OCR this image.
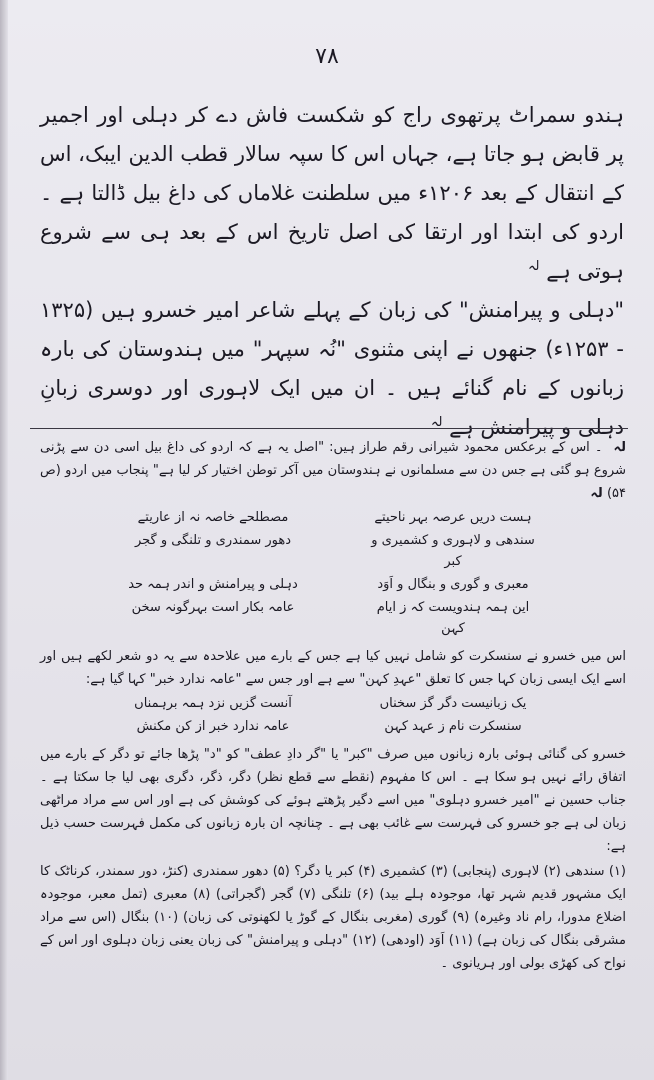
۷۸

ہندو سمراٹ پرتھوی راج کو شکست فاش دے کر دہلی اور اجمیر پر قابض ہو جاتا ہے، جہاں اس کا سپہ سالار قطب الدین ایبک، اس کے انتقال کے بعد ۱۲۰۶ء میں سلطنت غلاماں کی داغ بیل ڈالتا ہے ۔ اردو کی ابتدا اور ارتقا کی اصل تاریخ اس کے بعد ہی سے شروع ہوتی ہے $^{لہ}$

"دہلی و پیرامنش" کی زبان کے پہلے شاعر امیر خسرو ہیں (۱۳۲۵ - ۱۲۵۳ء) جنھوں نے اپنی مثنوی "نُہ سپہر" میں ہندوستان کی بارہ زبانوں کے نام گنائے ہیں ۔ ان میں ایک لاہوری اور دوسری زبانِ دہلی و پیرامنش ہے $^{لہ}$

لہ ۔ اس کے برعکس محمود شیرانی رقم طراز ہیں: "اصل یہ ہے کہ اردو کی داغ بیل اسی دن سے پڑنی شروع ہو گئی ہے جس دن سے مسلمانوں نے ہندوستان میں آکر توطن اختیار کر لیا ہے" پنجاب میں اردو (ص ۵۴) لہ

ہست دریں عرصہ بہر ناحیتے
مصطلحے خاصہ نہ از عاریتے

سندھی و لاہوری و کشمیری و کبر
دھور سمندری و تلنگی و گجر

معبری و گوری و بنگال و اَوَد
دہلی و پیرامنش و اندر ہمہ حد

این ہمہ ہندویست کہ ز ایام کہن
عامہ بکار است بہرگونہ سخن

اس میں خسرو نے سنسکرت کو شامل نہیں کیا ہے جس کے بارے میں علاحدہ سے یہ دو شعر لکھے ہیں اور اسے ایک ایسی زبان کہا جس کا تعلق "عہدِ کہن" سے ہے اور جس سے "عامہ ندارد خبر" کہا گیا ہے:

یک زبانیست دگر گز سخناں
آنست گزیں نزد ہمہ برہمناں

سنسکرت نام ز عہد کہن
عامہ ندارد خبر از کن مکنش

خسرو کی گنائی ہوئی بارہ زبانوں میں صرف "کبر" یا "گر دادِ عطف" کو "د" پڑھا جائے تو دگر کے بارے میں اتفاق رائے نہیں ہو سکا ہے ۔ اس کا مفہوم (نقطے سے قطع نظر) دگر، ذگر، دگری بھی لیا جا سکتا ہے ۔ جناب حسین نے "امیر خسرو دہلوی" میں اسے دگیر پڑھتے ہوئے کی کوشش کی ہے اور اس سے مراد مراٹھی زبان لی ہے جو خسرو کی فہرست سے غائب بھی ہے ۔ چنانچہ ان بارہ زبانوں کی مکمل فہرست حسب ذیل ہے:

(۱) سندھی (۲) لاہوری (پنجابی) (۳) کشمیری (۴) کبر یا دگر؟ (۵) دھور سمندری (کنڑ، دور سمندر، کرناٹک کا ایک مشہور قدیم شہر تھا، موجودہ ہلے بید) (۶) تلنگی (۷) گجر (گجراتی) (۸) معبری (تمل معبر، موجودہ اضلاع مدورا، رام ناد وغیرہ) (۹) گوری (مغربی بنگال کے گوڑ یا لکھنوتی کی زبان) (۱۰) بنگال (اس سے مراد مشرقی بنگال کی زبان ہے) (۱۱) اَوَد (اودھی) (۱۲) "دہلی و پیرامنش" کی زبان یعنی زبان دہلوی اور اس کے نواح کی کھڑی بولی اور ہریانوی ۔
